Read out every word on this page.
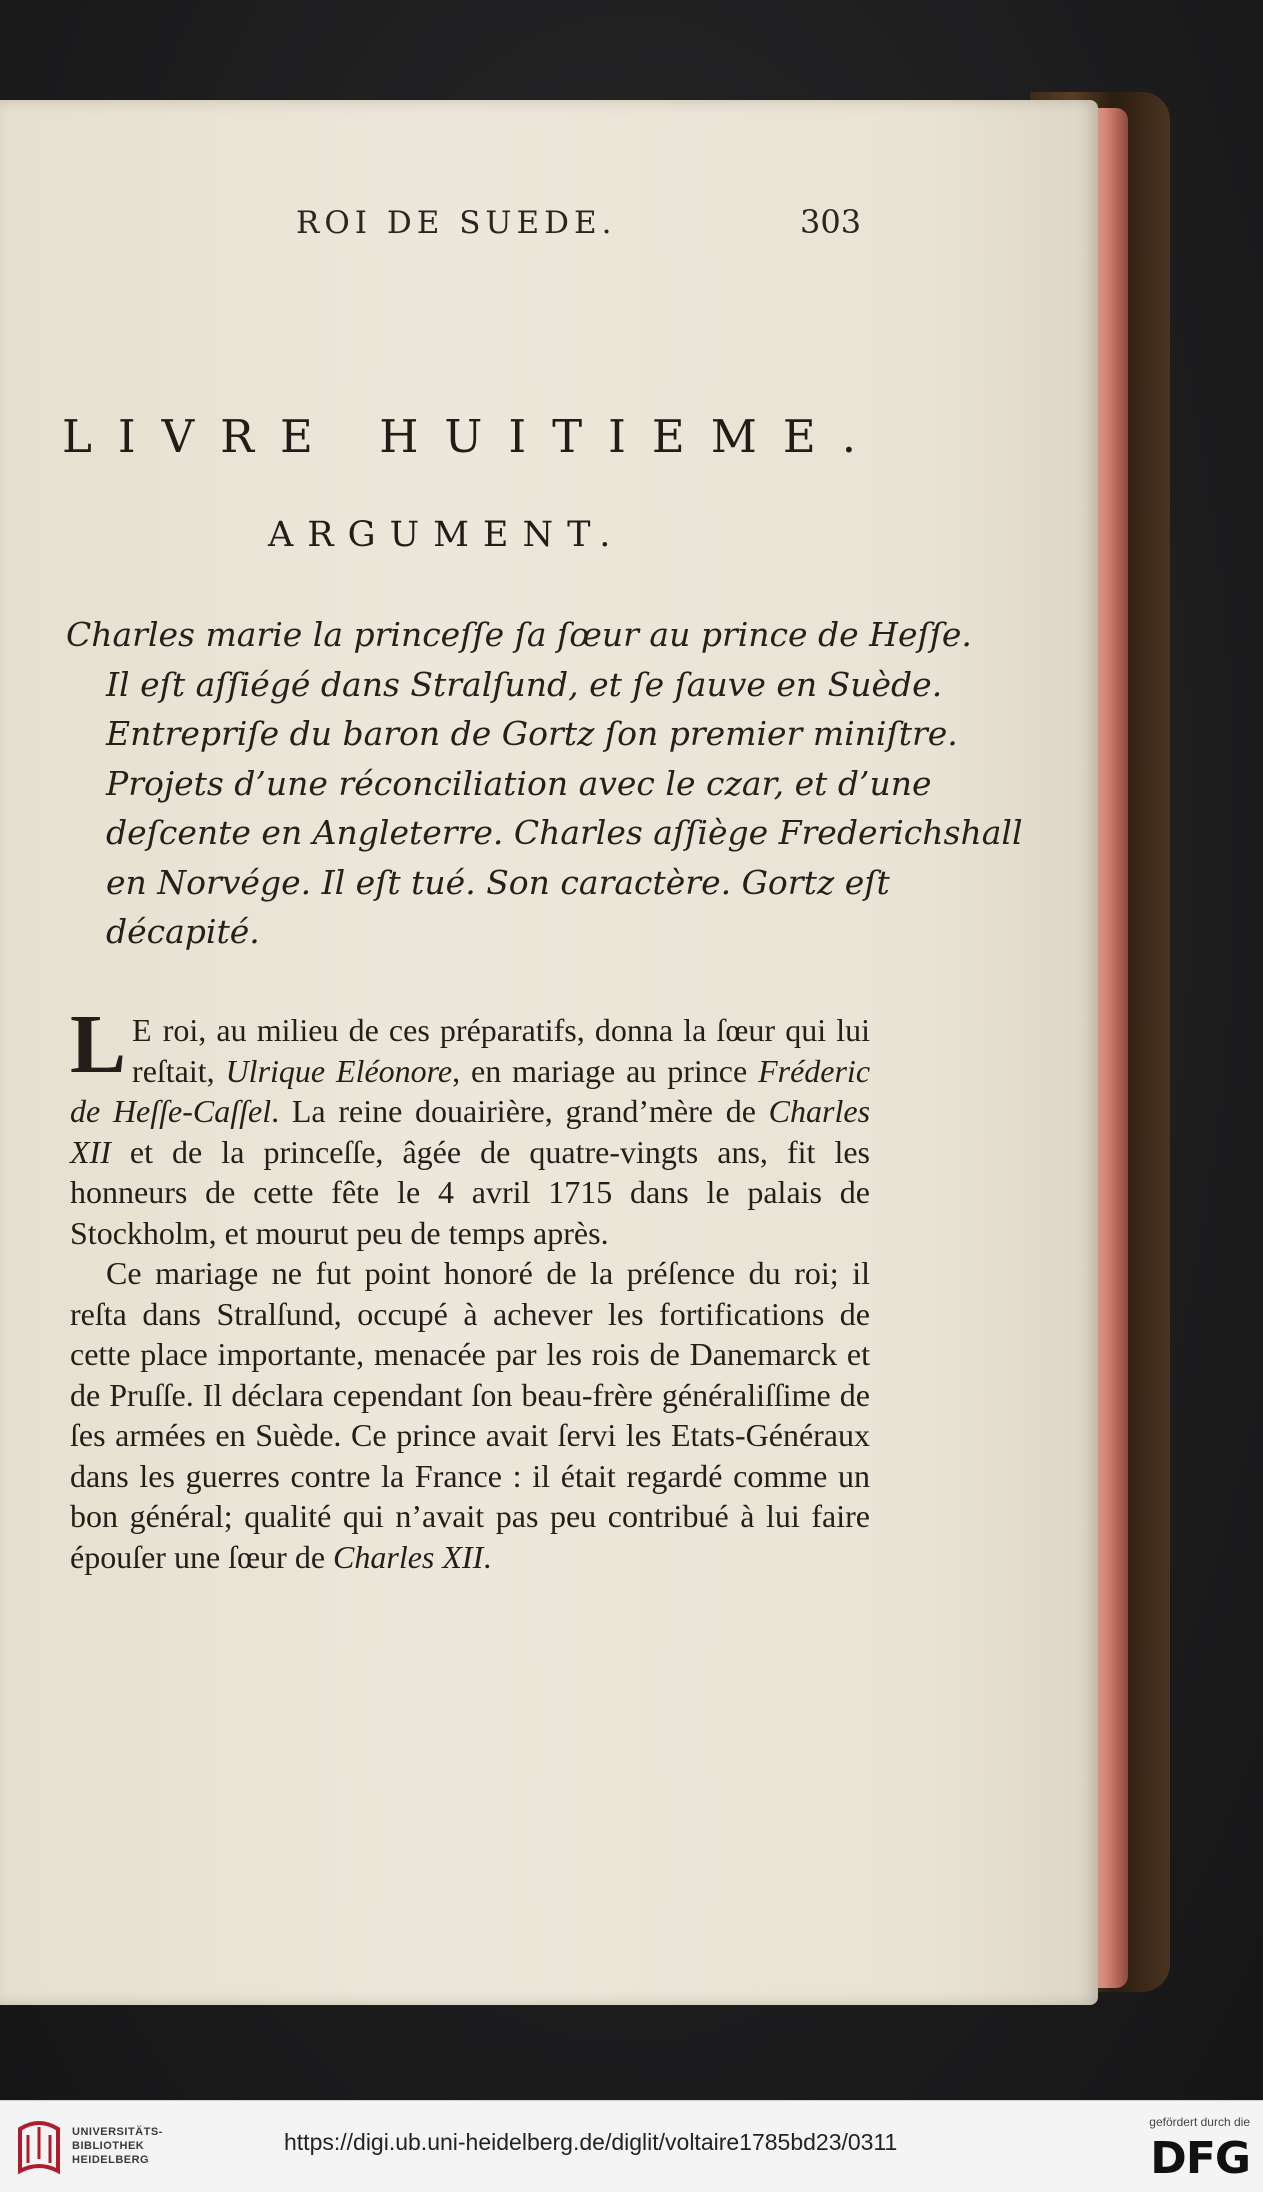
ROI DE SUEDE.	303
LIVRE HUITIEME.
ARGUMENT.
Charles marie la princeſſe ſa ſœur au prince de Heſſe.
Il eſt aſſiégé dans Stralſund, et ſe ſauve en Suède.
Entrepriſe du baron de Gortz ſon premier miniſtre.
Projets d’une réconciliation avec le czar, et d’une
deſcente en Angleterre. Charles aſſiège Frederichshall
en Norvége. Il eſt tué. Son caractère. Gortz eſt
décapité.

L E roi, au milieu de ces préparatifs, donna la ſœur qui lui reſtait, Ulrique Eléonore, en mariage au prince Fréderic de Heſſe-Caſſel. La reine douairière, grand’mère de Charles XII et de la princeſſe, âgée de quatre-vingts ans, fit les honneurs de cette fête le 4 avril 1715 dans le palais de Stockholm, et mourut peu de temps après.

Ce mariage ne fut point honoré de la préſence du roi; il reſta dans Stralſund, occupé à achever les fortifications de cette place importante, menacée par les rois de Danemarck et de Pruſſe. Il déclara cependant ſon beau-frère généraliſſime de ſes armées en Suède. Ce prince avait ſervi les Etats-Généraux dans les guerres contre la France : il était regardé comme un bon général; qualité qui n’avait pas peu contribué à lui faire épouſer une ſœur de Charles XII.

UNIVERSITÄTS-
BIBLIOTHEK
HEIDELBERG
https://digi.ub.uni-heidelberg.de/diglit/voltaire1785bd23/0311
gefördert durch die
DFG
